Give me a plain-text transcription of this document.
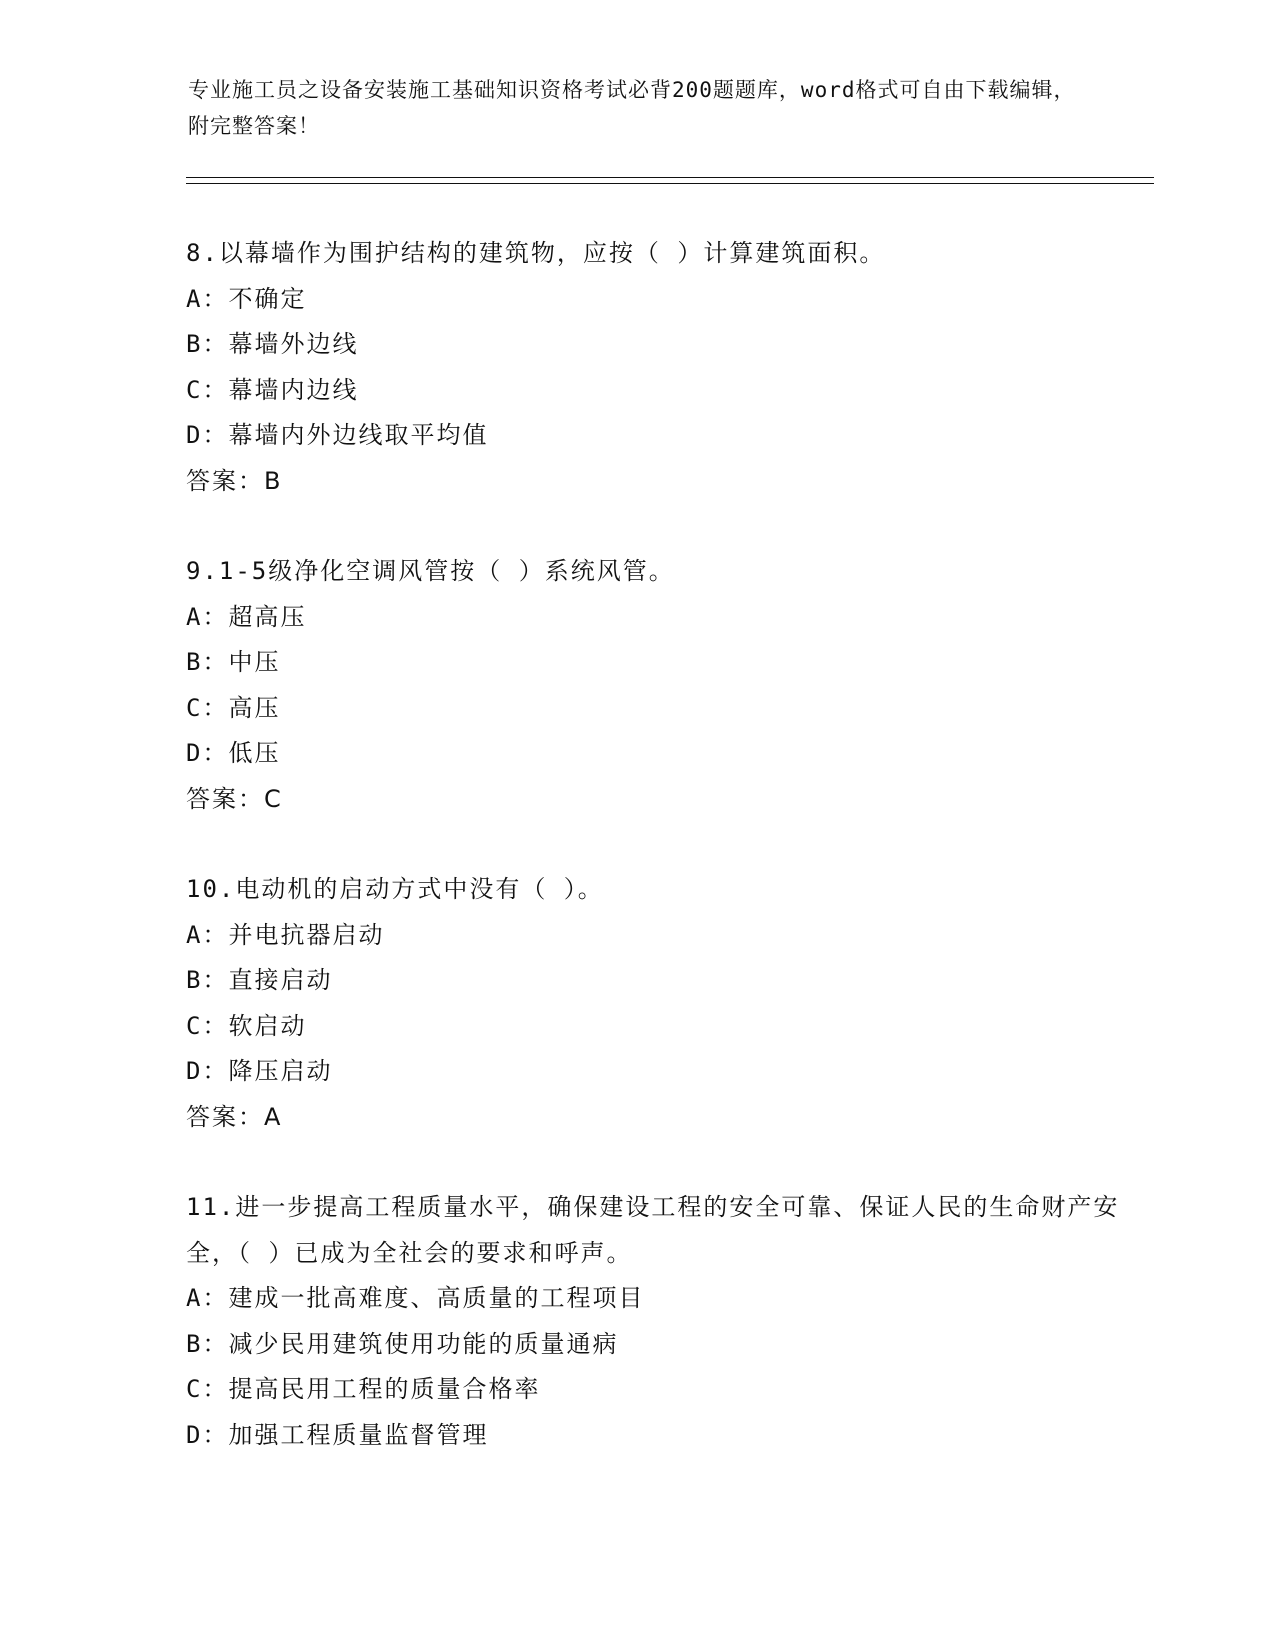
专业施工员之设备安装施工基础知识资格考试必背200题题库，word格式可自由下载编辑，附完整答案！
8.以幕墙作为围护结构的建筑物，应按（ ）计算建筑面积。
A：不确定
B：幕墙外边线
C：幕墙内边线
D：幕墙内外边线取平均值
答案：B
9.1-5级净化空调风管按（ ）系统风管。
A：超高压
B：中压
C：高压
D：低压
答案：C
10.电动机的启动方式中没有（ ）。
A：并电抗器启动
B：直接启动
C：软启动
D：降压启动
答案：A
11.进一步提高工程质量水平，确保建设工程的安全可靠、保证人民的生命财产安全，（ ）已成为全社会的要求和呼声。
A：建成一批高难度、高质量的工程项目
B：减少民用建筑使用功能的质量通病
C：提高民用工程的质量合格率
D：加强工程质量监督管理
